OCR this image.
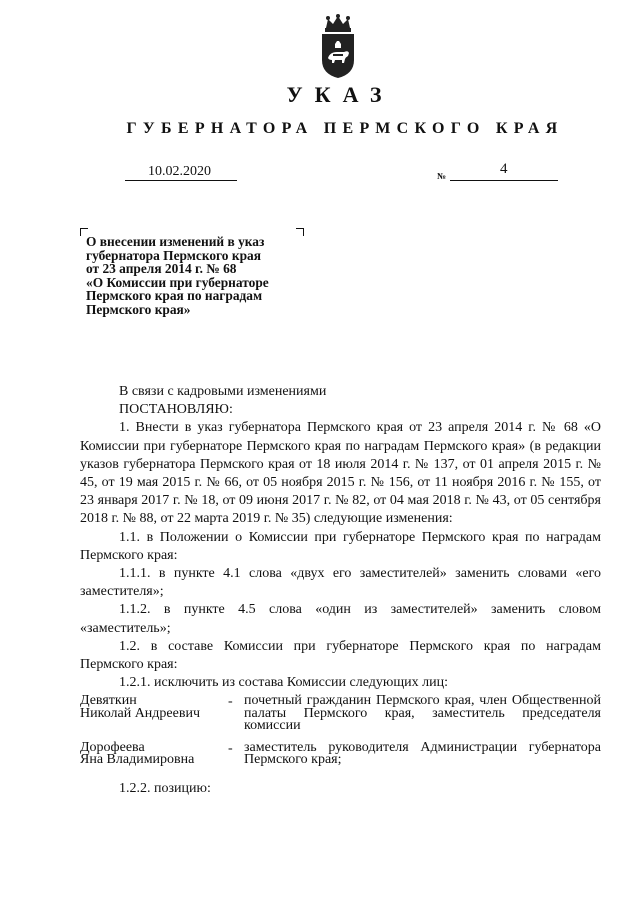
УКАЗ
ГУБЕРНАТОРА ПЕРМСКОГО КРАЯ
10.02.2020	№	4
О внесении изменений в указ
губернатора Пермского края
от 23 апреля 2014 г. № 68
«О Комиссии при губернаторе
Пермского края по наградам
Пермского края»
В связи с кадровыми изменениями
ПОСТАНОВЛЯЮ:
1. Внести в указ губернатора Пермского края от 23 апреля 2014 г. № 68 «О Комиссии при губернаторе Пермского края по наградам Пермского края» (в редакции указов губернатора Пермского края от 18 июля 2014 г. № 137, от 01 апреля 2015 г. № 45, от 19 мая 2015 г. № 66, от 05 ноября 2015 г. № 156, от 11 ноября 2016 г. № 155, от 23 января 2017 г. № 18, от 09 июня 2017 г. № 82, от 04 мая 2018 г. № 43, от 05 сентября 2018 г. № 88, от 22 марта 2019 г. № 35) следующие изменения:
1.1. в Положении о Комиссии при губернаторе Пермского края по наградам Пермского края:
1.1.1. в пункте 4.1 слова «двух его заместителей» заменить словами «его заместителя»;
1.1.2. в пункте 4.5 слова «один из заместителей» заменить словом «заместитель»;
1.2. в составе Комиссии при губернаторе Пермского края по наградам Пермского края:
1.2.1. исключить из состава Комиссии следующих лиц:
Девяткин
Николай Андреевич
- почетный гражданин Пермского края, член Общественной палаты Пермского края, заместитель председателя комиссии
Дорофеева
Яна Владимировна
- заместитель руководителя Администрации губернатора Пермского края;
1.2.2. позицию:
